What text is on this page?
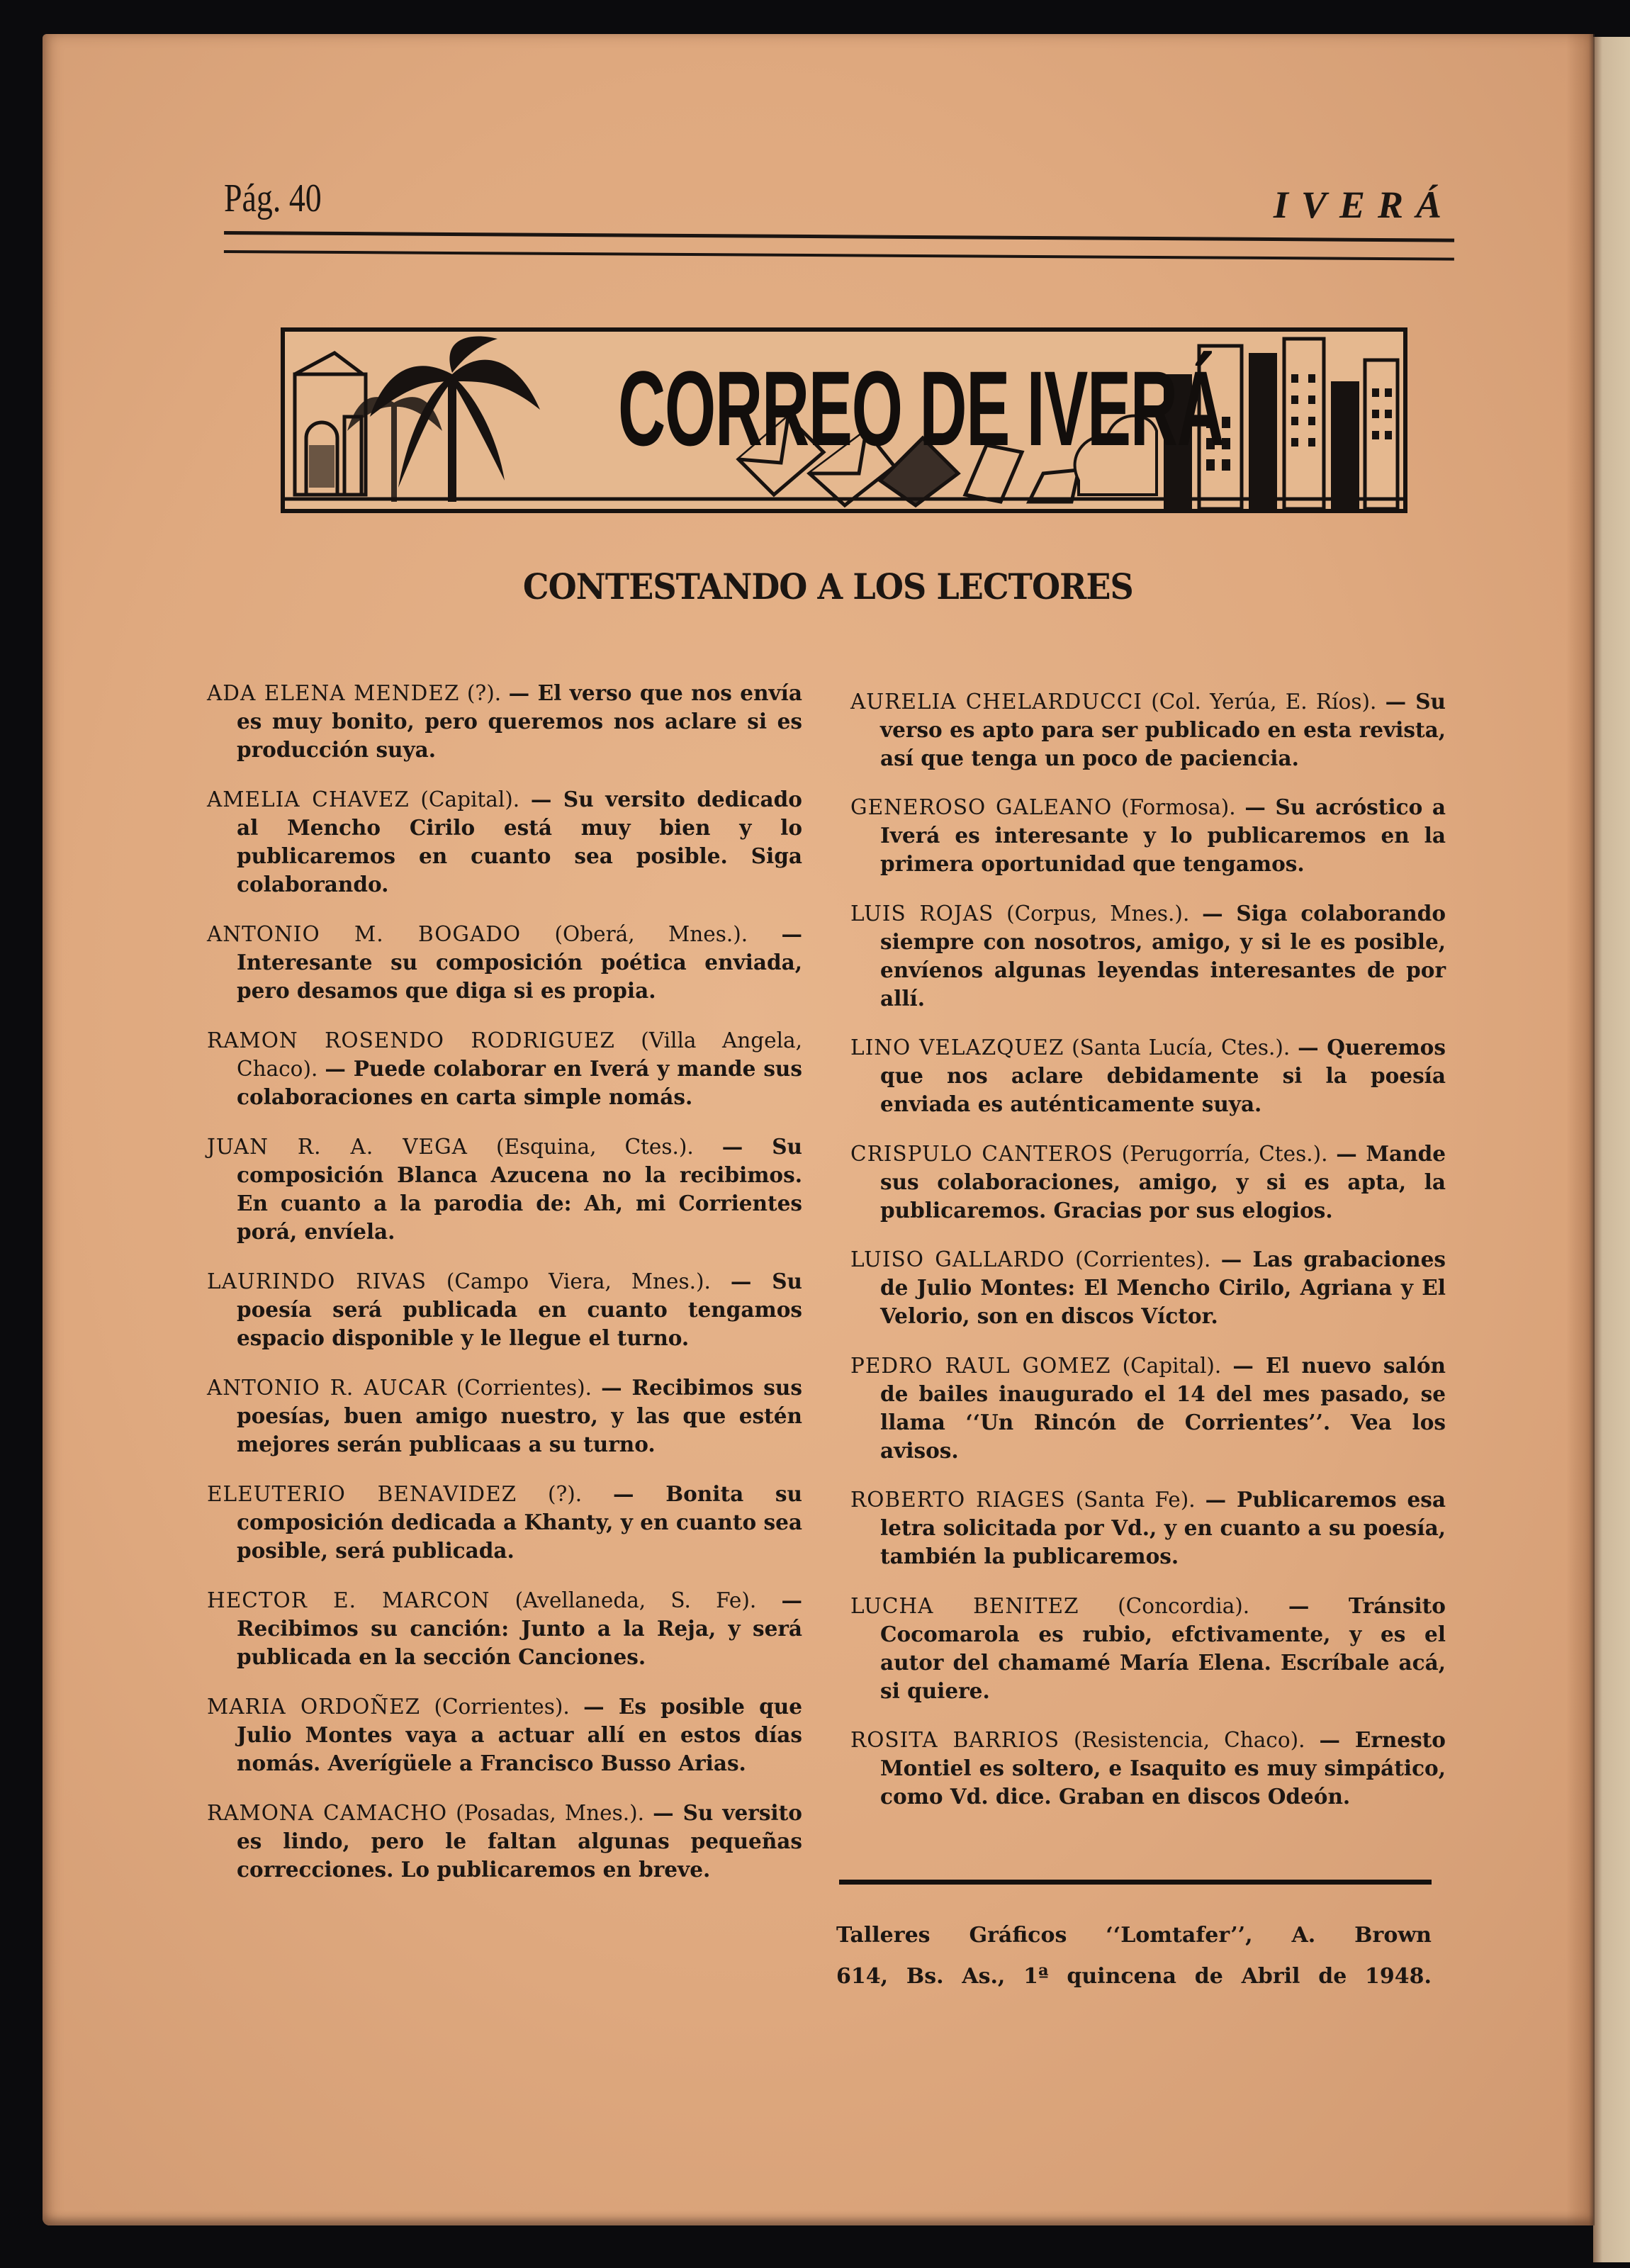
Pág. 40	IVERÁ
CORREO DE IVERÁ
CONTESTANDO A LOS LECTORES

ADA ELENA MENDEZ (?). — El verso que nos envía es muy bonito, pero queremos nos aclare si es producción suya.

AMELIA CHAVEZ (Capital). — Su versito dedicado al Mencho Cirilo está muy bien y lo publicaremos en cuanto sea posible. Siga colaborando.

ANTONIO M. BOGADO (Oberá, Mnes.). — Interesante su composición poética enviada, pero desamos que diga si es propia.

RAMON ROSENDO RODRIGUEZ (Villa Angela, Chaco). — Puede colaborar en Iverá y mande sus colaboraciones en carta simple nomás.

JUAN R. A. VEGA (Esquina, Ctes.). — Su composición Blanca Azucena no la recibimos. En cuanto a la parodia de: Ah, mi Corrientes porá, envíela.

LAURINDO RIVAS (Campo Viera, Mnes.). — Su poesía será publicada en cuanto tengamos espacio disponible y le llegue el turno.

ANTONIO R. AUCAR (Corrientes). — Recibimos sus poesías, buen amigo nuestro, y las que estén mejores serán publicaas a su turno.

ELEUTERIO BENAVIDEZ (?). — Bonita su composición dedicada a Khanty, y en cuanto sea posible, será publicada.

HECTOR E. MARCON (Avellaneda, S. Fe). — Recibimos su canción: Junto a la Reja, y será publicada en la sección Canciones.

MARIA ORDOÑEZ (Corrientes). — Es posible que Julio Montes vaya a actuar allí en estos días nomás. Averígüele a Francisco Busso Arias.

RAMONA CAMACHO (Posadas, Mnes.). — Su versito es lindo, pero le faltan algunas pequeñas correcciones. Lo publicaremos en breve.

AURELIA CHELARDUCCI (Col. Yerúa, E. Ríos). — Su verso es apto para ser publicado en esta revista, así que tenga un poco de paciencia.

GENEROSO GALEANO (Formosa). — Su acróstico a Iverá es interesante y lo publicaremos en la primera oportunidad que tengamos.

LUIS ROJAS (Corpus, Mnes.). — Siga colaborando siempre con nosotros, amigo, y si le es posible, envíenos algunas leyendas interesantes de por allí.

LINO VELAZQUEZ (Santa Lucía, Ctes.). — Queremos que nos aclare debidamente si la poesía enviada es auténticamente suya.

CRISPULO CANTEROS (Perugorría, Ctes.). — Mande sus colaboraciones, amigo, y si es apta, la publicaremos. Gracias por sus elogios.

LUISO GALLARDO (Corrientes). — Las grabaciones de Julio Montes: El Mencho Cirilo, Agriana y El Velorio, son en discos Víctor.

PEDRO RAUL GOMEZ (Capital). — El nuevo salón de bailes inaugurado el 14 del mes pasado, se llama ‘‘Un Rincón de Corrientes’’. Vea los avisos.

ROBERTO RIAGES (Santa Fe). — Publicaremos esa letra solicitada por Vd., y en cuanto a su poesía, también la publicaremos.

LUCHA BENITEZ (Concordia). — Tránsito Cocomarola es rubio, efctivamente, y es el autor del chamamé María Elena. Escríbale acá, si quiere.

ROSITA BARRIOS (Resistencia, Chaco). — Ernesto Montiel es soltero, e Isaquito es muy simpático, como Vd. dice. Graban en discos Odeón.

Talleres Gráficos ‘‘Lomtafer’’, A. Brown
614, Bs. As., 1ª quincena de Abril de 1948.
